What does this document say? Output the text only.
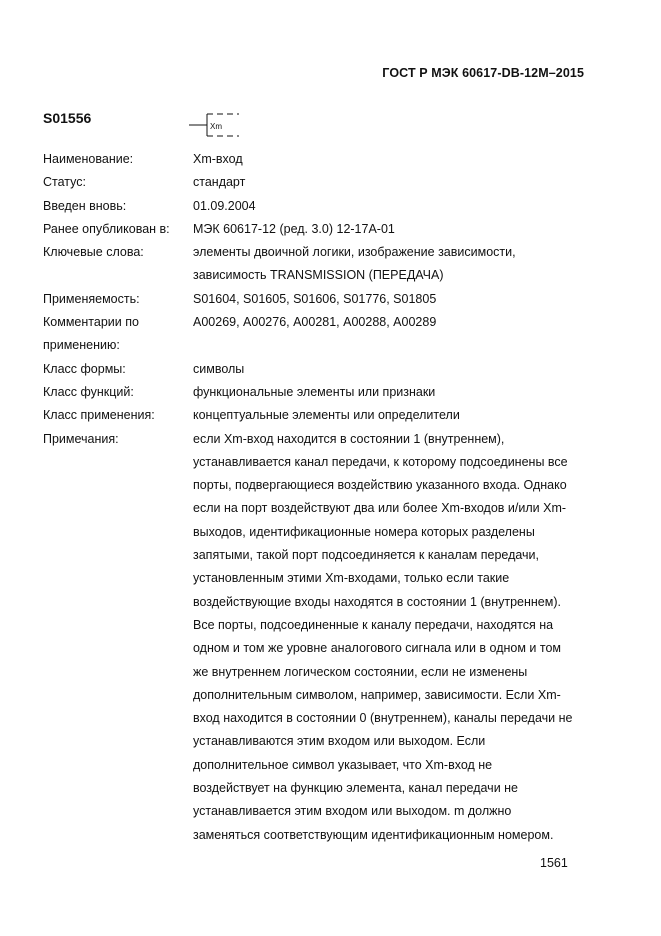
ГОСТ Р МЭК 60617-DB-12M–2015
S01556
Xm
Наименование:	Xm-вход
Статус:	стандарт
Введен вновь:	01.09.2004
Ранее опубликован в:	МЭК 60617-12 (ред. 3.0) 12-17А-01
Ключевые слова:	элементы двоичной логики, изображение зависимости,
зависимость TRANSMISSION (ПЕРЕДАЧА)
Применяемость:	S01604, S01605, S01606, S01776, S01805
Комментарии по	А00269, А00276, А00281, А00288, А00289
применению:
Класс формы:	символы
Класс функций:	функциональные элементы или признаки
Класс применения:	концептуальные элементы или определители
Примечания:	если Xm-вход находится в состоянии 1 (внутреннем),
устанавливается канал передачи, к которому подсоединены все
порты, подвергающиеся воздействию указанного входа. Однако
если на порт воздействуют два или более Xm-входов и/или Xm-
выходов, идентификационные номера которых разделены
запятыми, такой порт подсоединяется к каналам передачи,
установленным этими Xm-входами, только если такие
воздействующие входы находятся в состоянии 1 (внутреннем).
Все порты, подсоединенные к каналу передачи, находятся на
одном и том же уровне аналогового сигнала или в одном и том
же внутреннем логическом состоянии, если не изменены
дополнительным символом, например, зависимости. Если Xm-
вход находится в состоянии 0 (внутреннем), каналы передачи не
устанавливаются этим входом или выходом. Если
дополнительное символ указывает, что Xm-вход не
воздействует на функцию элемента, канал передачи не
устанавливается этим входом или выходом. m должно
заменяться соответствующим идентификационным номером.
1561
